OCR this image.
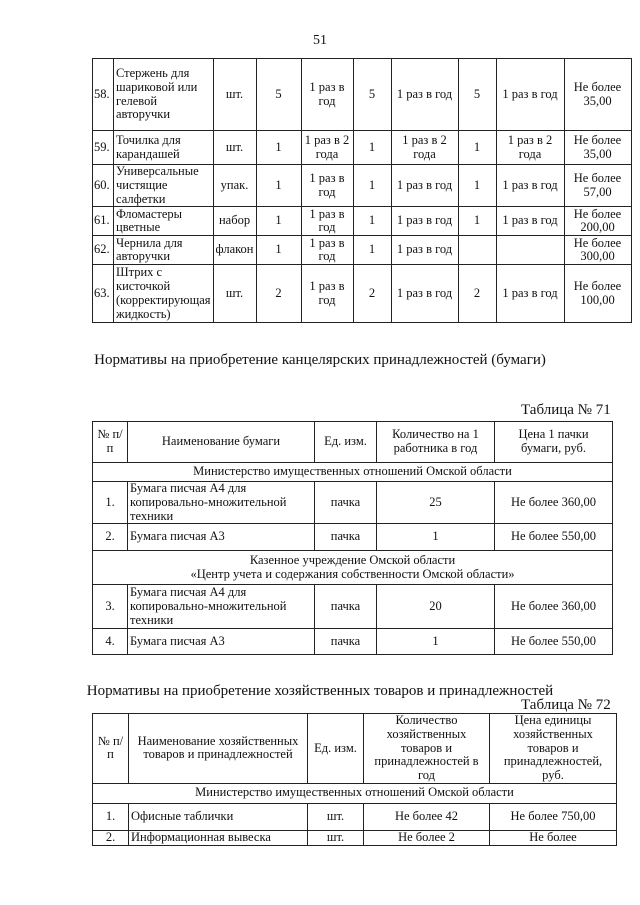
51
58.	Стержень для шариковой или гелевой авторучки	шт.	5	1 раз в год	5	1 раз в год	5	1 раз в год	Не более 35,00
59.	Точилка для карандашей	шт.	1	1 раз в 2 года	1	1 раз в 2 года	1	1 раз в 2 года	Не более 35,00
60.	Универсальные чистящие салфетки	упак.	1	1 раз в год	1	1 раз в год	1	1 раз в год	Не более 57,00
61.	Фломастеры цветные	набор	1	1 раз в год	1	1 раз в год	1	1 раз в год	Не более 200,00
62.	Чернила для авторучки	флакон	1	1 раз в год	1	1 раз в год			Не более 300,00
63.	Штрих с кисточкой (корректирующая жидкость)	шт.	2	1 раз в год	2	1 раз в год	2	1 раз в год	Не более 100,00
Нормативы на приобретение канцелярских принадлежностей (бумаги)
Таблица № 71
№ п/п	Наименование бумаги	Ед. изм.	Количество на 1 работника в год	Цена 1 пачки бумаги, руб.
Министерство имущественных отношений Омской области				
1.	Бумага писчая А4 для копировально-множительной техники	пачка	25	Не более 360,00
2.	Бумага писчая А3	пачка	1	Не более 550,00
Казенное учреждение Омской области
«Центр учета и содержания собственности Омской области»				
3.	Бумага писчая А4 для копировально-множительной техники	пачка	20	Не более 360,00
4.	Бумага писчая А3	пачка	1	Не более 550,00
Нормативы на приобретение хозяйственных товаров и принадлежностей
Таблица № 72
№ п/п	Наименование хозяйственных товаров и принадлежностей	Ед. изм.	Количество хозяйственных товаров и принадлежностей в год	Цена единицы хозяйственных товаров и принадлежностей, руб.
Министерство имущественных отношений Омской области				
1.	Офисные таблички	шт.	Не более 42	Не более 750,00
2.	Информационная вывеска	шт.	Не более 2	Не более
